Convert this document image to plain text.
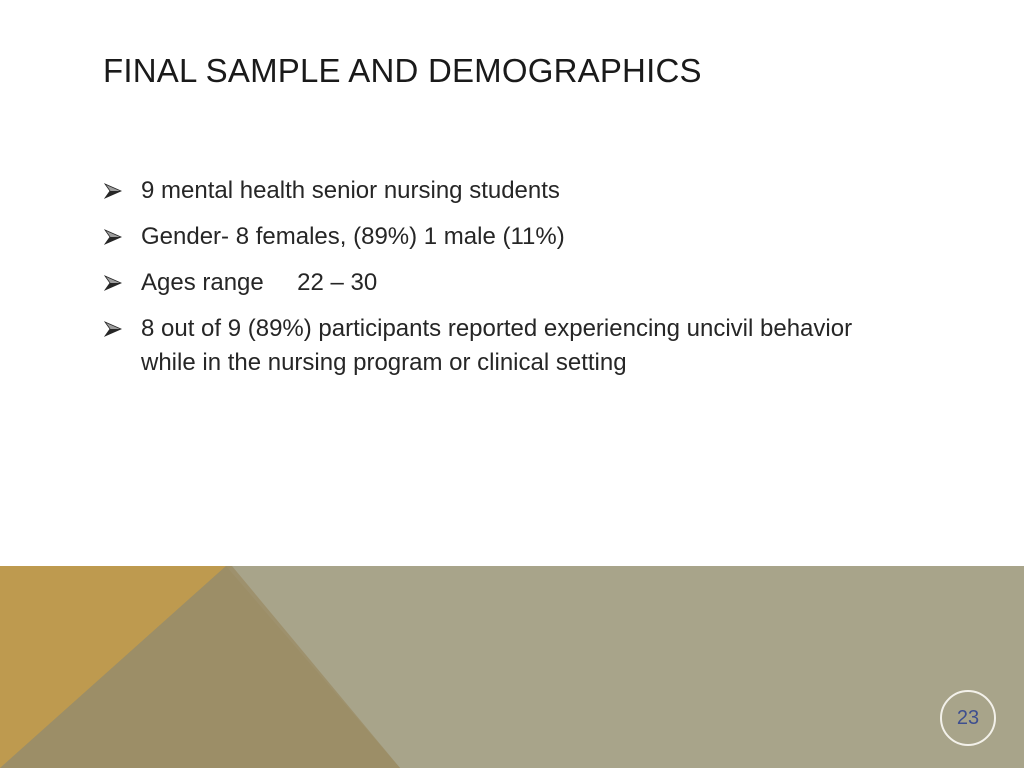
FINAL SAMPLE AND DEMOGRAPHICS
9 mental health senior nursing students
Gender- 8 females, (89%) 1 male (11%)
Ages range     22 – 30
8 out of 9 (89%) participants reported experiencing uncivil behavior while in the nursing program or clinical setting
23
